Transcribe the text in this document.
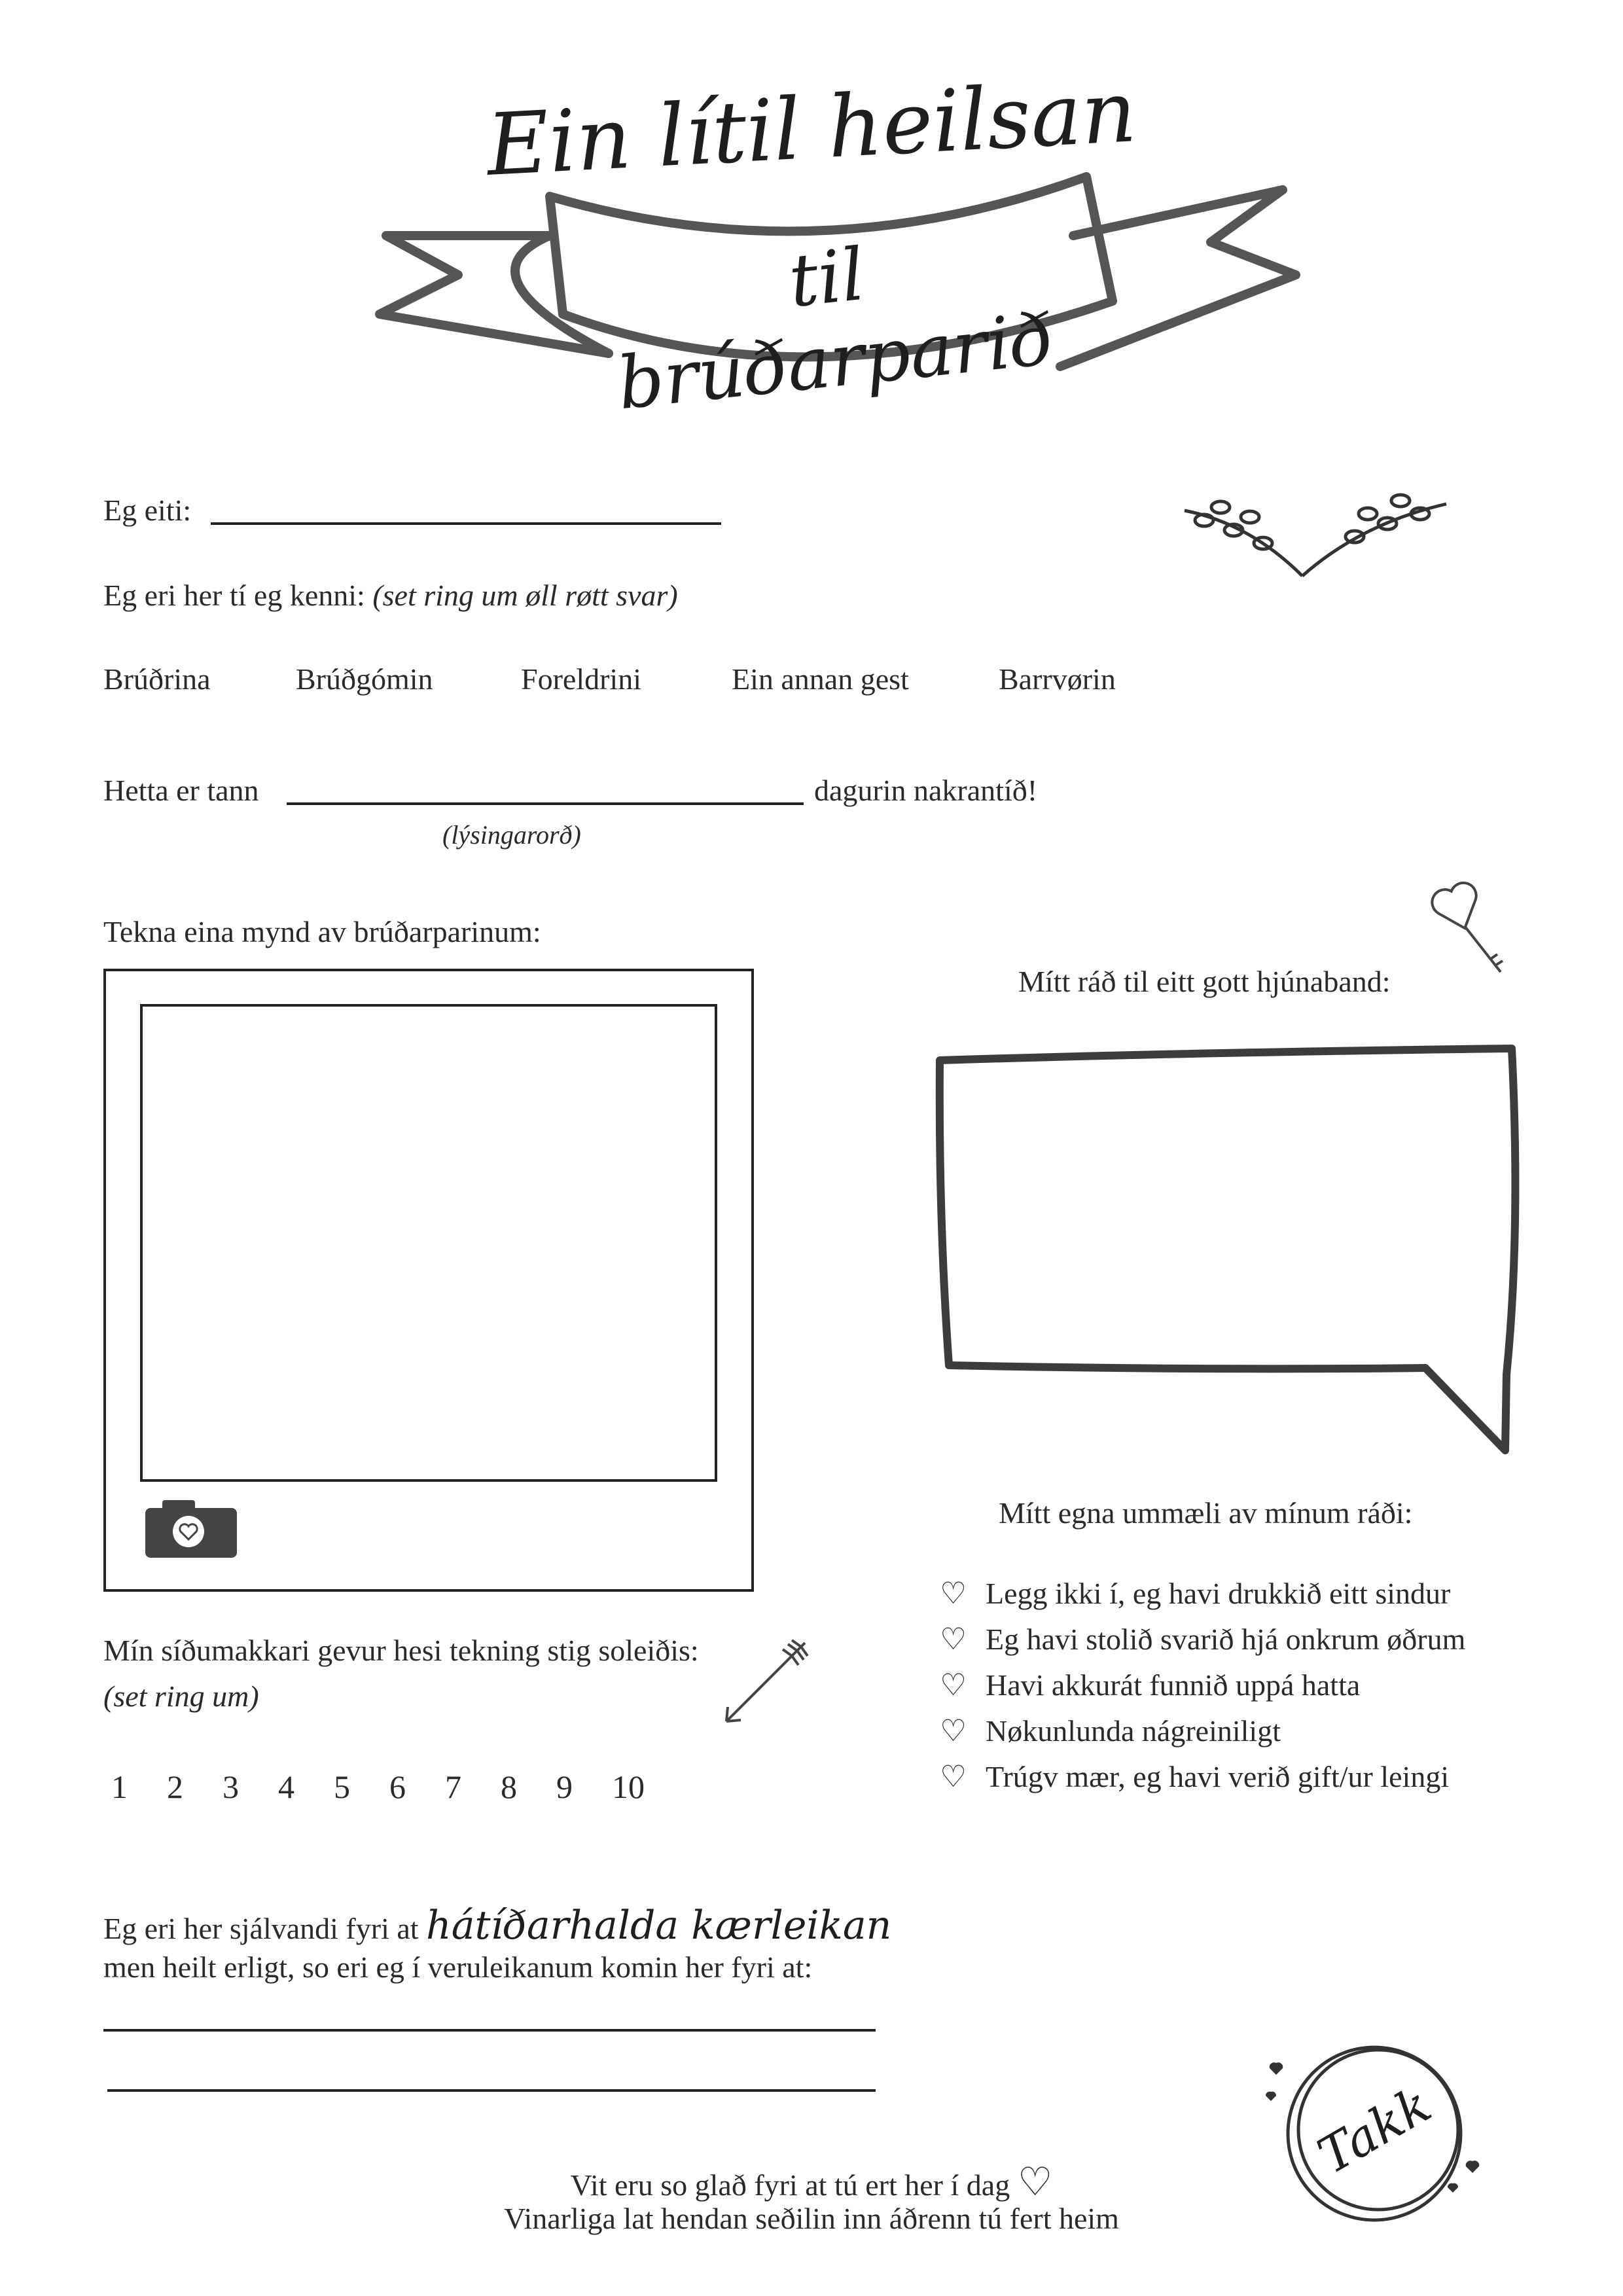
Ein lítil heilsan
til brúðarparið
Eg eiti:
Eg eri her tí eg kenni: (set ring um øll røtt svar)
Brúðrina	Brúðgómin	Foreldrini	Ein annan gest	Barrvørin
Hetta er tann	dagurin nakrantíð!
(lýsingarorð)
Tekna eina mynd av brúðarparinum:
Mítt ráð til eitt gott hjúnaband:
Mín síðumakkari gevur hesi tekning stig soleiðis:
(set ring um)
1 2 3 4 5 6 7 8 9 10
Mítt egna ummæli av mínum ráði:
♡ Legg ikki í, eg havi drukkið eitt sindur
♡ Eg havi stolið svarið hjá onkrum øðrum
♡ Havi akkurát funnið uppá hatta
♡ Nøkunlunda nágreiniligt
♡ Trúgv mær, eg havi verið gift/ur leingi
Eg eri her sjálvandi fyri at hátíðarhalda kærleikan
men heilt erligt, so eri eg í veruleikanum komin her fyri at:
Takk
Vit eru so glað fyri at tú ert her í dag ♡
Vinarliga lat hendan seðilin inn áðrenn tú fert heim
